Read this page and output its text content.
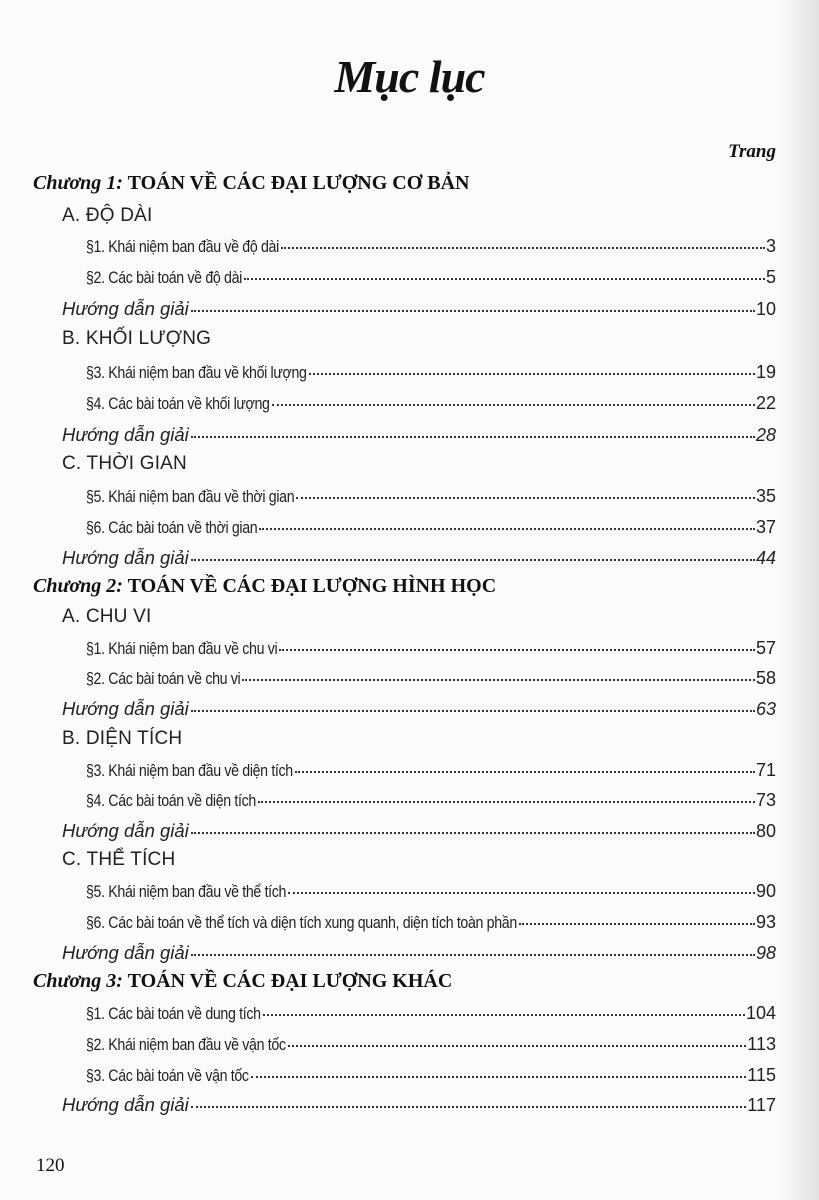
Mục lục
Trang
Chương 1: TOÁN VỀ CÁC ĐẠI LƯỢNG CƠ BẢN
A. ĐỘ DÀI
§1. Khái niệm ban đầu về độ dài	3
§2. Các bài toán về độ dài	5
Hướng dẫn giải	10
B. KHỐI LƯỢNG
§3. Khái niệm ban đầu về khối lượng	19
§4. Các bài toán về khối lượng	22
Hướng dẫn giải	28
C. THỜI GIAN
§5. Khái niệm ban đầu về thời gian	35
§6. Các bài toán về thời gian	37
Hướng dẫn giải	44
Chương 2: TOÁN VỀ CÁC ĐẠI LƯỢNG HÌNH HỌC
A. CHU VI
§1. Khái niệm ban đầu về chu vi	57
§2. Các bài toán về chu vi	58
Hướng dẫn giải	63
B. DIỆN TÍCH
§3. Khái niệm ban đầu về diện tích	71
§4. Các bài toán về diện tích	73
Hướng dẫn giải	80
C. THỂ TÍCH
§5. Khái niệm ban đầu về thể tích	90
§6. Các bài toán về thể tích và diện tích xung quanh, diện tích toàn phần	93
Hướng dẫn giải	98
Chương 3: TOÁN VỀ CÁC ĐẠI LƯỢNG KHÁC
§1. Các bài toán về dung tích	104
§2. Khái niệm ban đầu về vận tốc	113
§3. Các bài toán về vận tốc	115
Hướng dẫn giải	117
120
